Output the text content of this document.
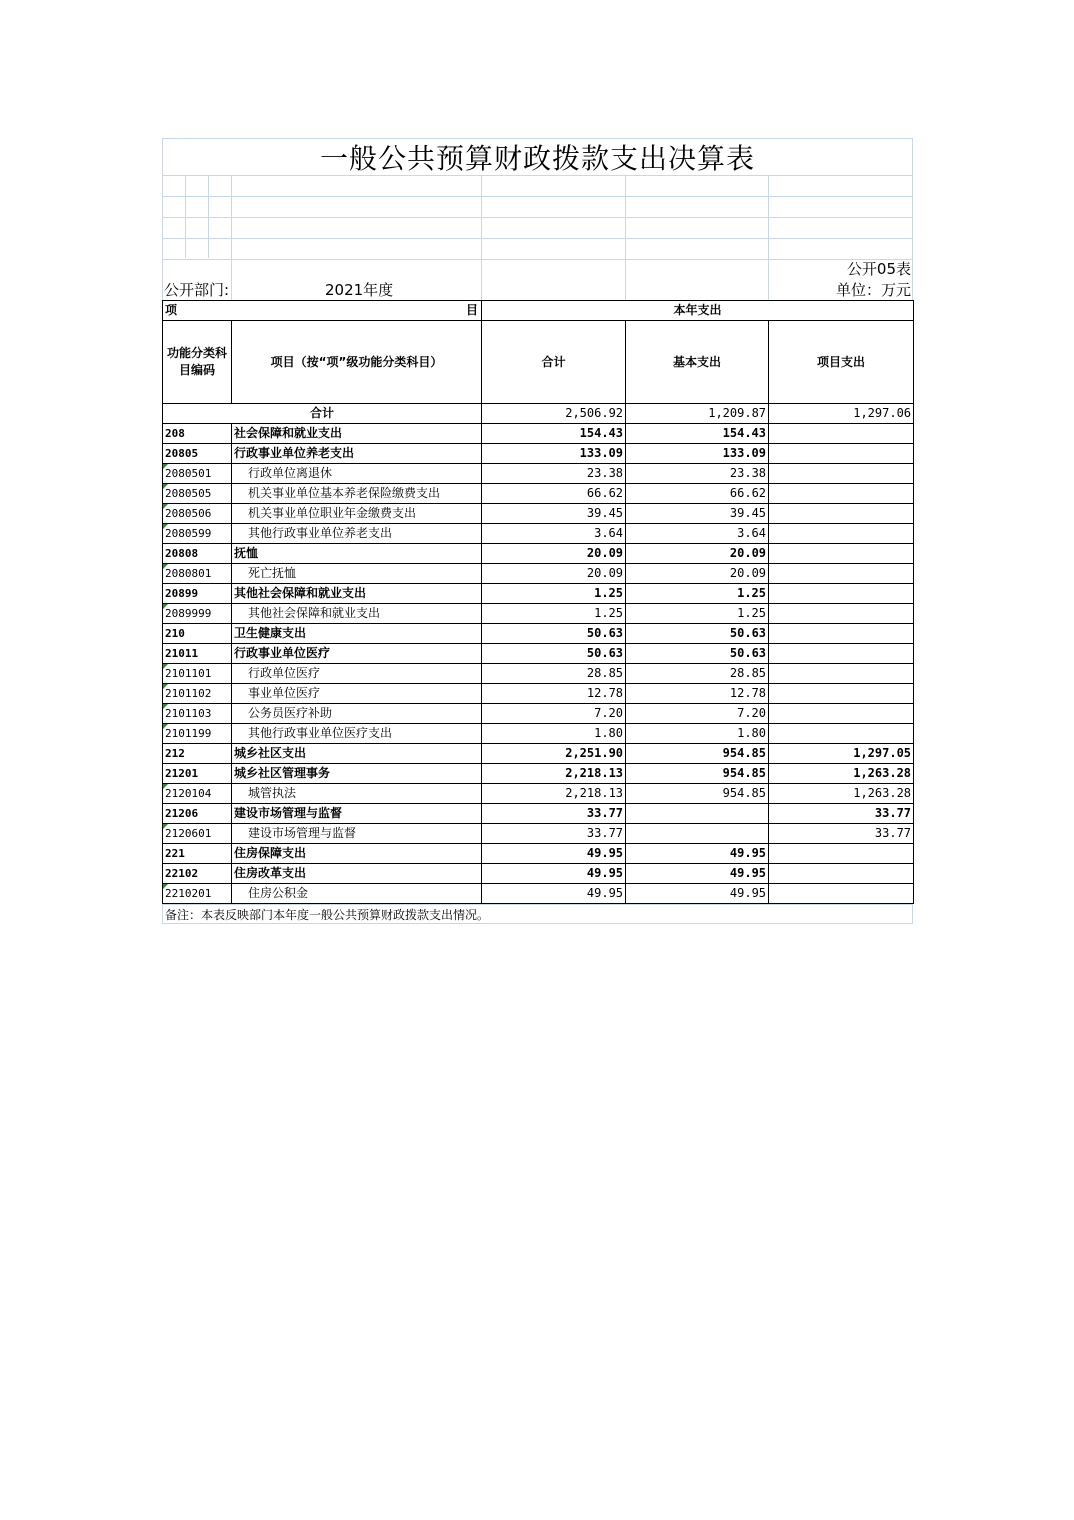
一般公共预算财政拨款支出决算表
公开05表
公开部门:	2021年度	单位：万元
项 目		本年支出		
功能分类科目编码	项目（按“项”级功能分类科目）	合计	基本支出	项目支出
合计		2,506.92	1,209.87	1,297.06
208	社会保障和就业支出	154.43	154.43	
20805	行政事业单位养老支出	133.09	133.09	
2080501	行政单位离退休	23.38	23.38	
2080505	机关事业单位基本养老保险缴费支出	66.62	66.62	
2080506	机关事业单位职业年金缴费支出	39.45	39.45	
2080599	其他行政事业单位养老支出	3.64	3.64	
20808	抚恤	20.09	20.09	
2080801	死亡抚恤	20.09	20.09	
20899	其他社会保障和就业支出	1.25	1.25	
2089999	其他社会保障和就业支出	1.25	1.25	
210	卫生健康支出	50.63	50.63	
21011	行政事业单位医疗	50.63	50.63	
2101101	行政单位医疗	28.85	28.85	
2101102	事业单位医疗	12.78	12.78	
2101103	公务员医疗补助	7.20	7.20	
2101199	其他行政事业单位医疗支出	1.80	1.80	
212	城乡社区支出	2,251.90	954.85	1,297.05
21201	城乡社区管理事务	2,218.13	954.85	1,263.28
2120104	城管执法	2,218.13	954.85	1,263.28
21206	建设市场管理与监督	33.77		33.77
2120601	建设市场管理与监督	33.77		33.77
221	住房保障支出	49.95	49.95	
22102	住房改革支出	49.95	49.95	
2210201	住房公积金	49.95	49.95	
备注：本表反映部门本年度一般公共预算财政拨款支出情况。
